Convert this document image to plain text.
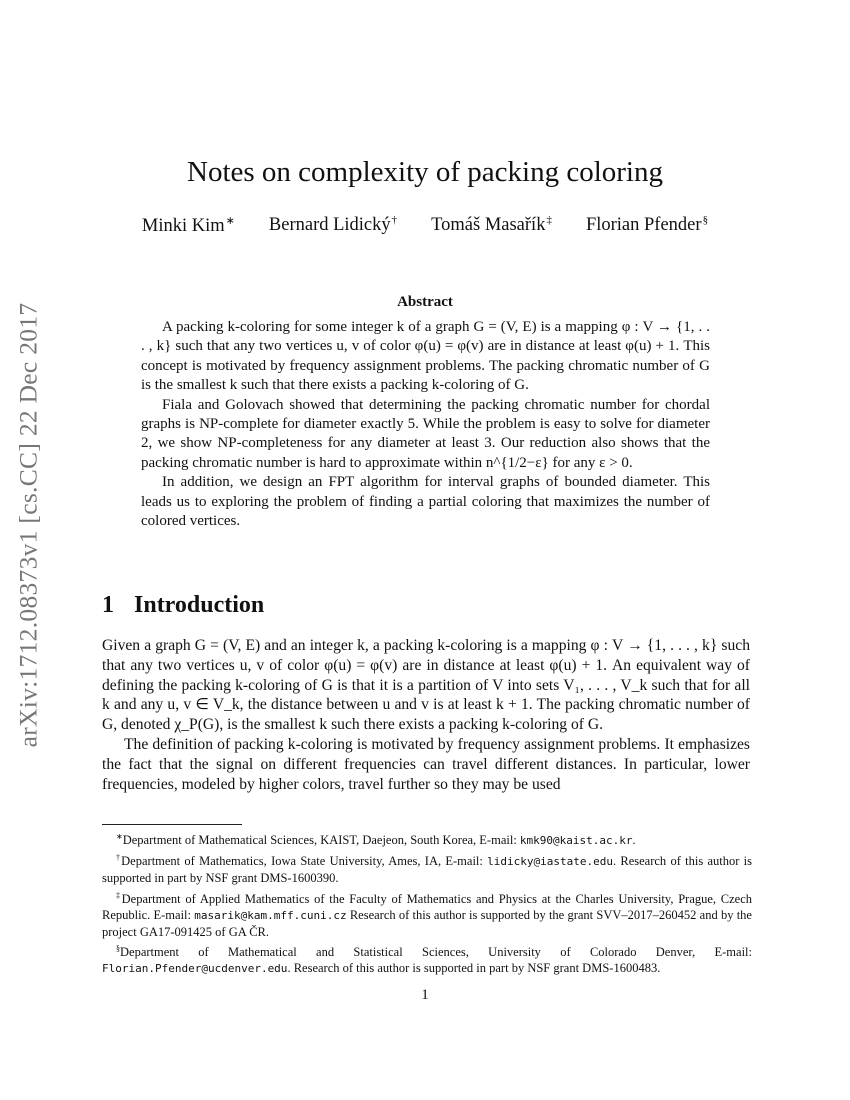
arXiv:1712.08373v1 [cs.CC] 22 Dec 2017
Notes on complexity of packing coloring
Minki Kim∗ Bernard Lidický† Tomáš Masařík‡ Florian Pfender§
Abstract

A packing k-coloring for some integer k of a graph G = (V, E) is a mapping φ : V → {1, . . . , k} such that any two vertices u, v of color φ(u) = φ(v) are in distance at least φ(u) + 1. This concept is motivated by frequency assignment problems. The packing chromatic number of G is the smallest k such that there exists a packing k-coloring of G.

Fiala and Golovach showed that determining the packing chromatic number for chordal graphs is NP-complete for diameter exactly 5. While the problem is easy to solve for diameter 2, we show NP-completeness for any diameter at least 3. Our reduction also shows that the packing chromatic number is hard to approximate within n^{1/2−ε} for any ε > 0.

In addition, we design an FPT algorithm for interval graphs of bounded diameter. This leads us to exploring the problem of finding a partial coloring that maximizes the number of colored vertices.

1 Introduction

Given a graph G = (V, E) and an integer k, a packing k-coloring is a mapping φ : V → {1, . . . , k} such that any two vertices u, v of color φ(u) = φ(v) are in distance at least φ(u) + 1. An equivalent way of defining the packing k-coloring of G is that it is a partition of V into sets V₁, . . . , V_k such that for all k and any u, v ∈ V_k, the distance between u and v is at least k + 1. The packing chromatic number of G, denoted χ_P(G), is the smallest k such there exists a packing k-coloring of G.

The definition of packing k-coloring is motivated by frequency assignment problems. It emphasizes the fact that the signal on different frequencies can travel different distances. In particular, lower frequencies, modeled by higher colors, travel further so they may be used

∗Department of Mathematical Sciences, KAIST, Daejeon, South Korea, E-mail: kmk90@kaist.ac.kr.

†Department of Mathematics, Iowa State University, Ames, IA, E-mail: lidicky@iastate.edu. Research of this author is supported in part by NSF grant DMS-1600390.

‡Department of Applied Mathematics of the Faculty of Mathematics and Physics at the Charles University, Prague, Czech Republic. E-mail: masarik@kam.mff.cuni.cz Research of this author is supported by the grant SVV–2017–260452 and by the project GA17-091425 of GA ČR.

§Department of Mathematical and Statistical Sciences, University of Colorado Denver, E-mail: Florian.Pfender@ucdenver.edu. Research of this author is supported in part by NSF grant DMS-1600483.

1
